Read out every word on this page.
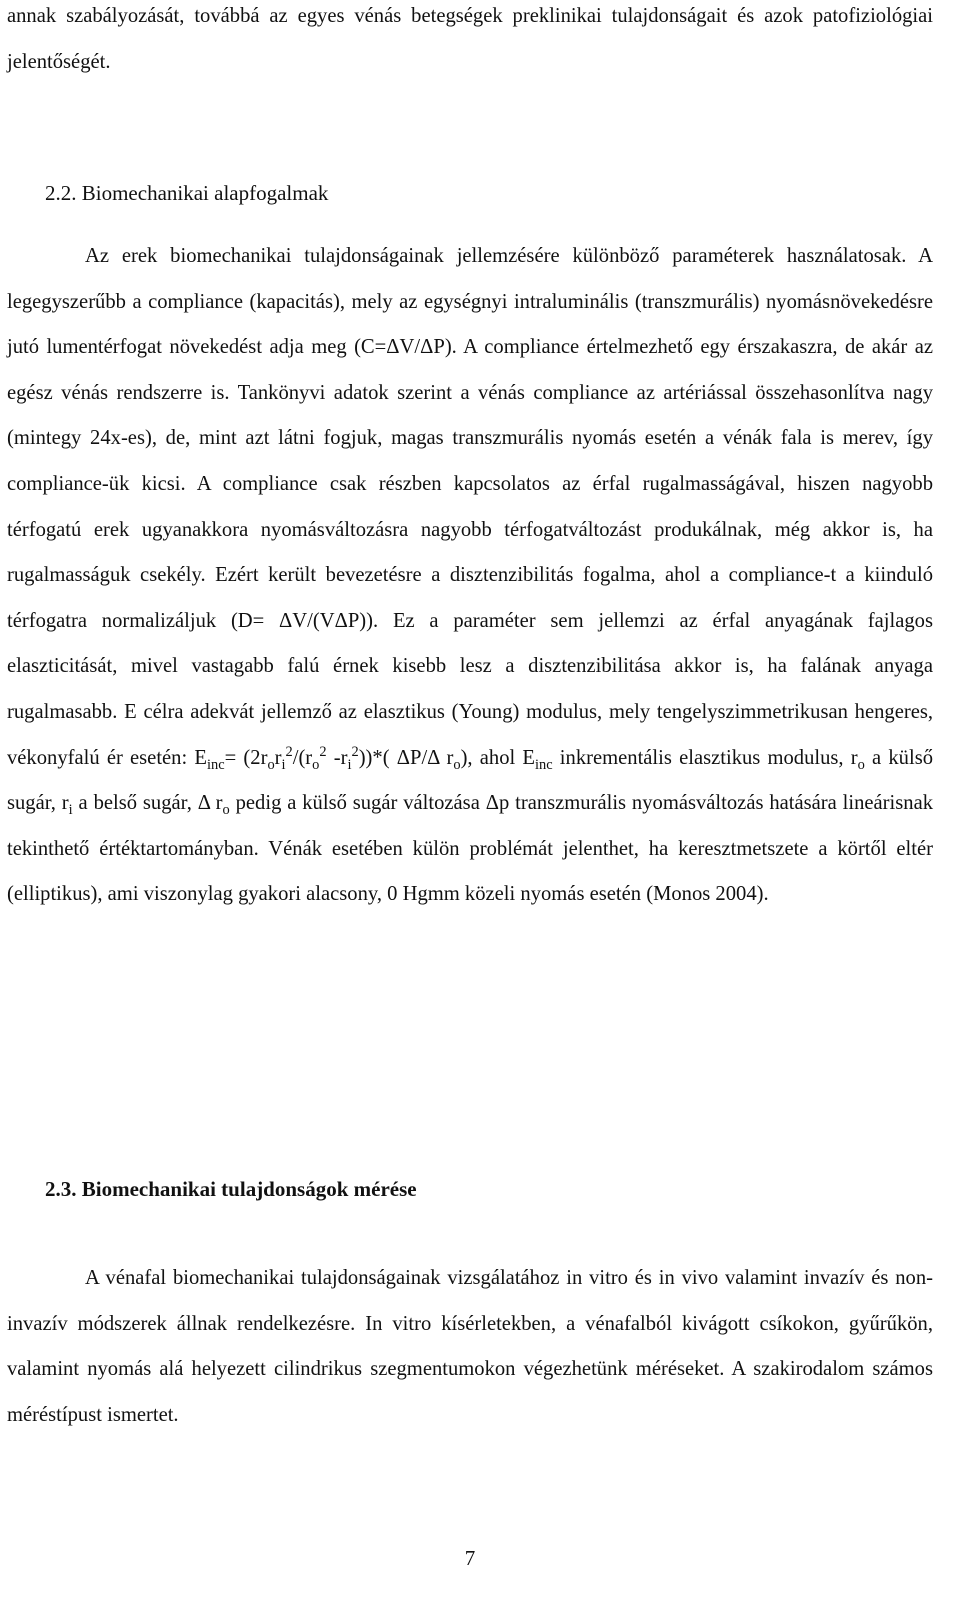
annak szabályozását, továbbá az egyes vénás betegségek preklinikai tulajdonságait és azok patofiziológiai jelentőségét.

2.2. Biomechanikai alapfogalmak

Az erek biomechanikai tulajdonságainak jellemzésére különböző paraméterek használatosak. A legegyszerűbb a compliance (kapacitás), mely az egységnyi intraluminális (transzmurális) nyomásnövekedésre jutó lumentérfogat növekedést adja meg (C=ΔV/ΔP). A compliance értelmezhető egy érszakaszra, de akár az egész vénás rendszerre is. Tankönyvi adatok szerint a vénás compliance az artériással összehasonlítva nagy (mintegy 24x-es), de, mint azt látni fogjuk, magas transzmurális nyomás esetén a vénák fala is merev, így compliance-ük kicsi. A compliance csak részben kapcsolatos az érfal rugalmasságával, hiszen nagyobb térfogatú erek ugyanakkora nyomásváltozásra nagyobb térfogatváltozást produkálnak, még akkor is, ha rugalmasságuk csekély. Ezért került bevezetésre a disztenzibilitás fogalma, ahol a compliance-t a kiinduló térfogatra normalizáljuk (D= ΔV/(VΔP)). Ez a paraméter sem jellemzi az érfal anyagának fajlagos elaszticitását, mivel vastagabb falú érnek kisebb lesz a disztenzibilitása akkor is, ha falának anyaga rugalmasabb. E célra adekvát jellemző az elasztikus (Young) modulus, mely tengelyszimmetrikusan hengeres, vékonyfalú ér esetén: $E_{inc}= (2r_or_i^2/(r_o^2$ $-r_i^2))*$( ΔP/Δ $r_o$), ahol $E_{inc}$ inkrementális elasztikus modulus, $r_o$ a külső sugár, $r_i$ a belső sugár, Δ $r_o$ pedig a külső sugár változása Δp transzmurális nyomásváltozás hatására lineárisnak tekinthető értéktartományban. Vénák esetében külön problémát jelenthet, ha keresztmetszete a körtől eltér (elliptikus), ami viszonylag gyakori alacsony, 0 Hgmm közeli nyomás esetén (Monos 2004).

2.3. Biomechanikai tulajdonságok mérése

A vénafal biomechanikai tulajdonságainak vizsgálatához in vitro és in vivo valamint invazív és non-invazív módszerek állnak rendelkezésre. In vitro kísérletekben, a vénafalból kivágott csíkokon, gyűrűkön, valamint nyomás alá helyezett cilindrikus szegmentumokon végezhetünk méréseket. A szakirodalom számos méréstípust ismertet.

7
